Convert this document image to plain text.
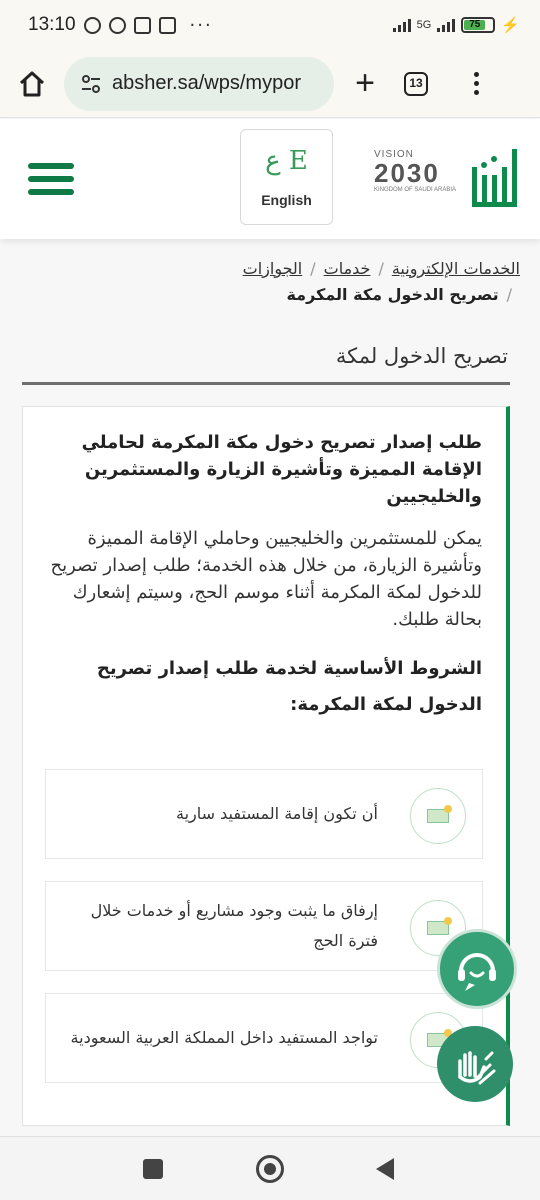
13:10	···	5G	75	⚡
absher.sa/wps/mypor	+	13
ع E
English
VISION
2030
KINGDOM OF SAUDI ARABIA
الخدمات الإلكترونية/خدمات/الجوازات
/تصريح الدخول مكة المكرمة
تصريح الدخول لمكة
طلب إصدار تصريح دخول مكة المكرمة لحاملي الإقامة المميزة وتأشيرة الزيارة والمستثمرين والخليجيين
يمكن للمستثمرين والخليجيين وحاملي الإقامة المميزة وتأشيرة الزيارة، من خلال هذه الخدمة؛ طلب إصدار تصريح للدخول لمكة المكرمة أثناء موسم الحج، وسيتم إشعارك بحالة طلبك.
الشروط الأساسية لخدمة طلب إصدار تصريح الدخول لمكة المكرمة:
أن تكون إقامة المستفيد سارية
إرفاق ما يثبت وجود مشاريع أو خدمات خلال فترة الحج
تواجد المستفيد داخل المملكة العربية السعودية
